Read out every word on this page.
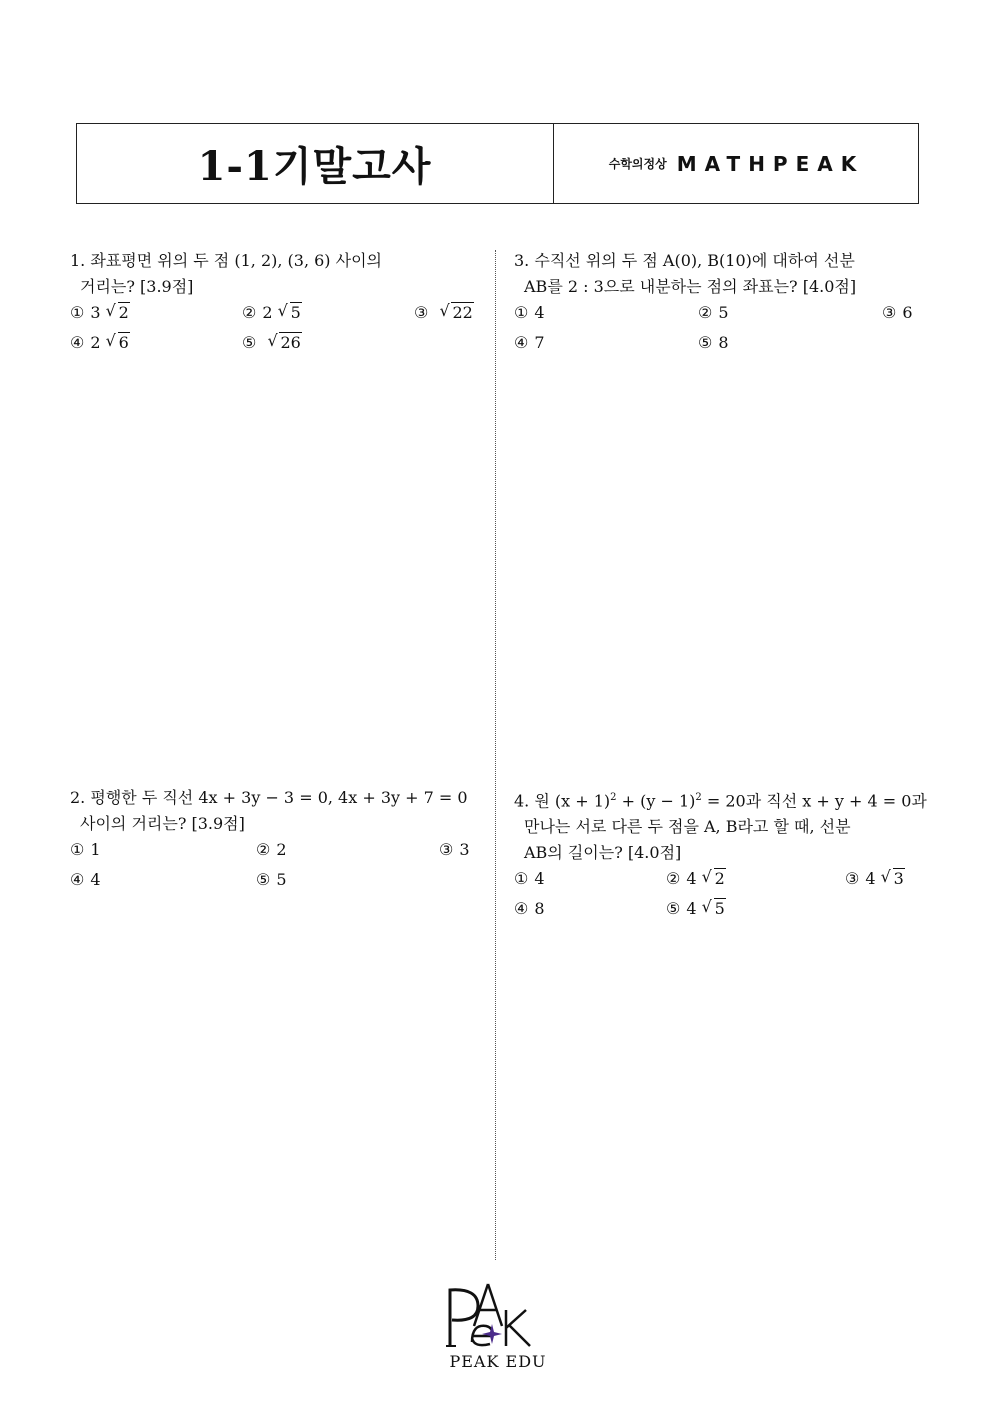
1-1기말고사	수학의정상 MATHPEAK
1. 좌표평면 위의 두 점 (1, 2), (3, 6) 사이의
거리는? [3.9점]
① 3 √ 2	② 2 √ 5	③ √ 22
④ 2 √ 6	⑤ √ 26
2. 평행한 두 직선 4x + 3y − 3 = 0, 4x + 3y + 7 = 0
사이의 거리는? [3.9점]
① 1	② 2	③ 3
④ 4	⑤ 5
3. 수직선 위의 두 점 A(0), B(10)에 대하여 선분
AB를 2 : 3으로 내분하는 점의 좌표는? [4.0점]
① 4	② 5	③ 6
④ 7	⑤ 8
4. 원 $(x + 1)^2 + (y - 1)^2 = 20$과 직선 x + y + 4 = 0과
만나는 서로 다른 두 점을 A, B라고 할 때, 선분
AB의 길이는? [4.0점]
① 4	② 4 √ 2	③ 4 √ 3
④ 8	⑤ 4 √ 5
PEAK EDU
